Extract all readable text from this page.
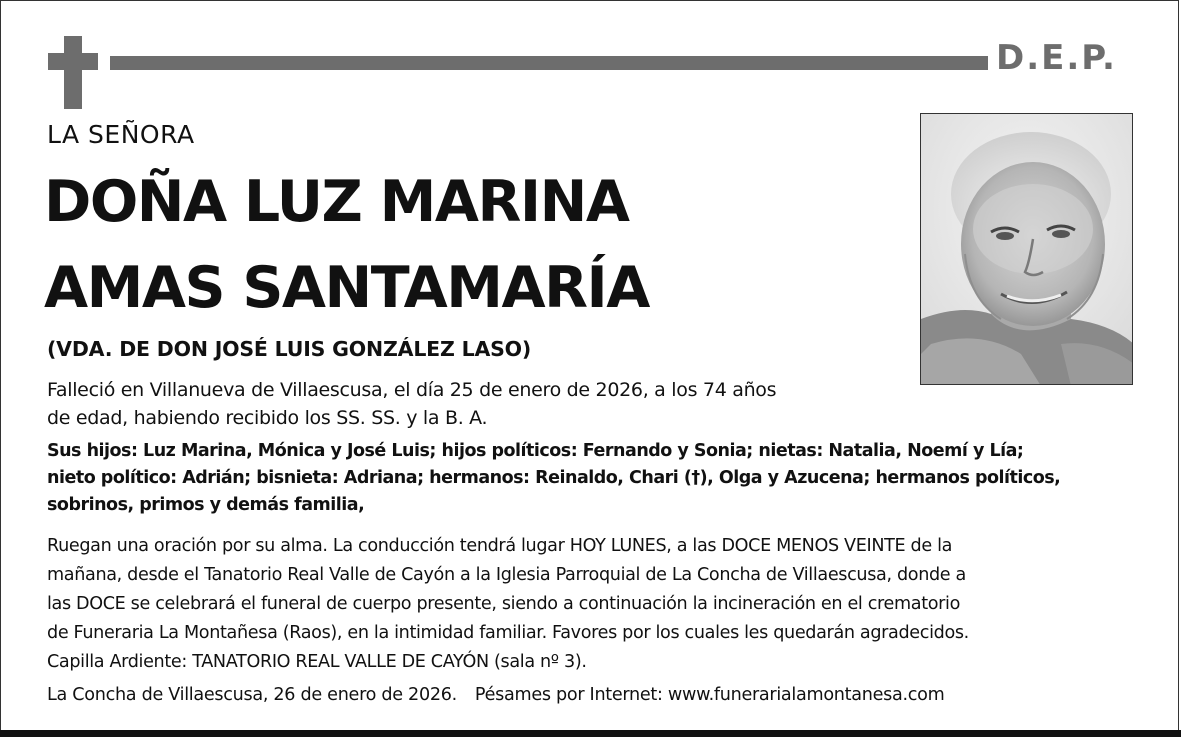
D.E.P.
LA SEÑORA
DOÑA LUZ MARINA
AMAS SANTAMARÍA
(VDA. DE DON JOSÉ LUIS GONZÁLEZ LASO)
Falleció en Villanueva de Villaescusa, el día 25 de enero de 2026, a los 74 años
de edad, habiendo recibido los SS. SS. y la B. A.
Sus hijos: Luz Marina, Mónica y José Luis; hijos políticos: Fernando y Sonia; nietas: Natalia, Noemí y Lía;
nieto político: Adrián; bisnieta: Adriana; hermanos: Reinaldo, Chari (†), Olga y Azucena; hermanos políticos,
sobrinos, primos y demás familia,
Ruegan una oración por su alma. La conducción tendrá lugar HOY LUNES, a las DOCE MENOS VEINTE de la
mañana, desde el Tanatorio Real Valle de Cayón a la Iglesia Parroquial de La Concha de Villaescusa, donde a
las DOCE se celebrará el funeral de cuerpo presente, siendo a continuación la incineración en el crematorio
de Funeraria La Montañesa (Raos), en la intimidad familiar. Favores por los cuales les quedarán agradecidos.
Capilla Ardiente: TANATORIO REAL VALLE DE CAYÓN (sala nº 3).
La Concha de Villaescusa, 26 de enero de 2026. Pésames por Internet: www.funerarialamontanesa.com
